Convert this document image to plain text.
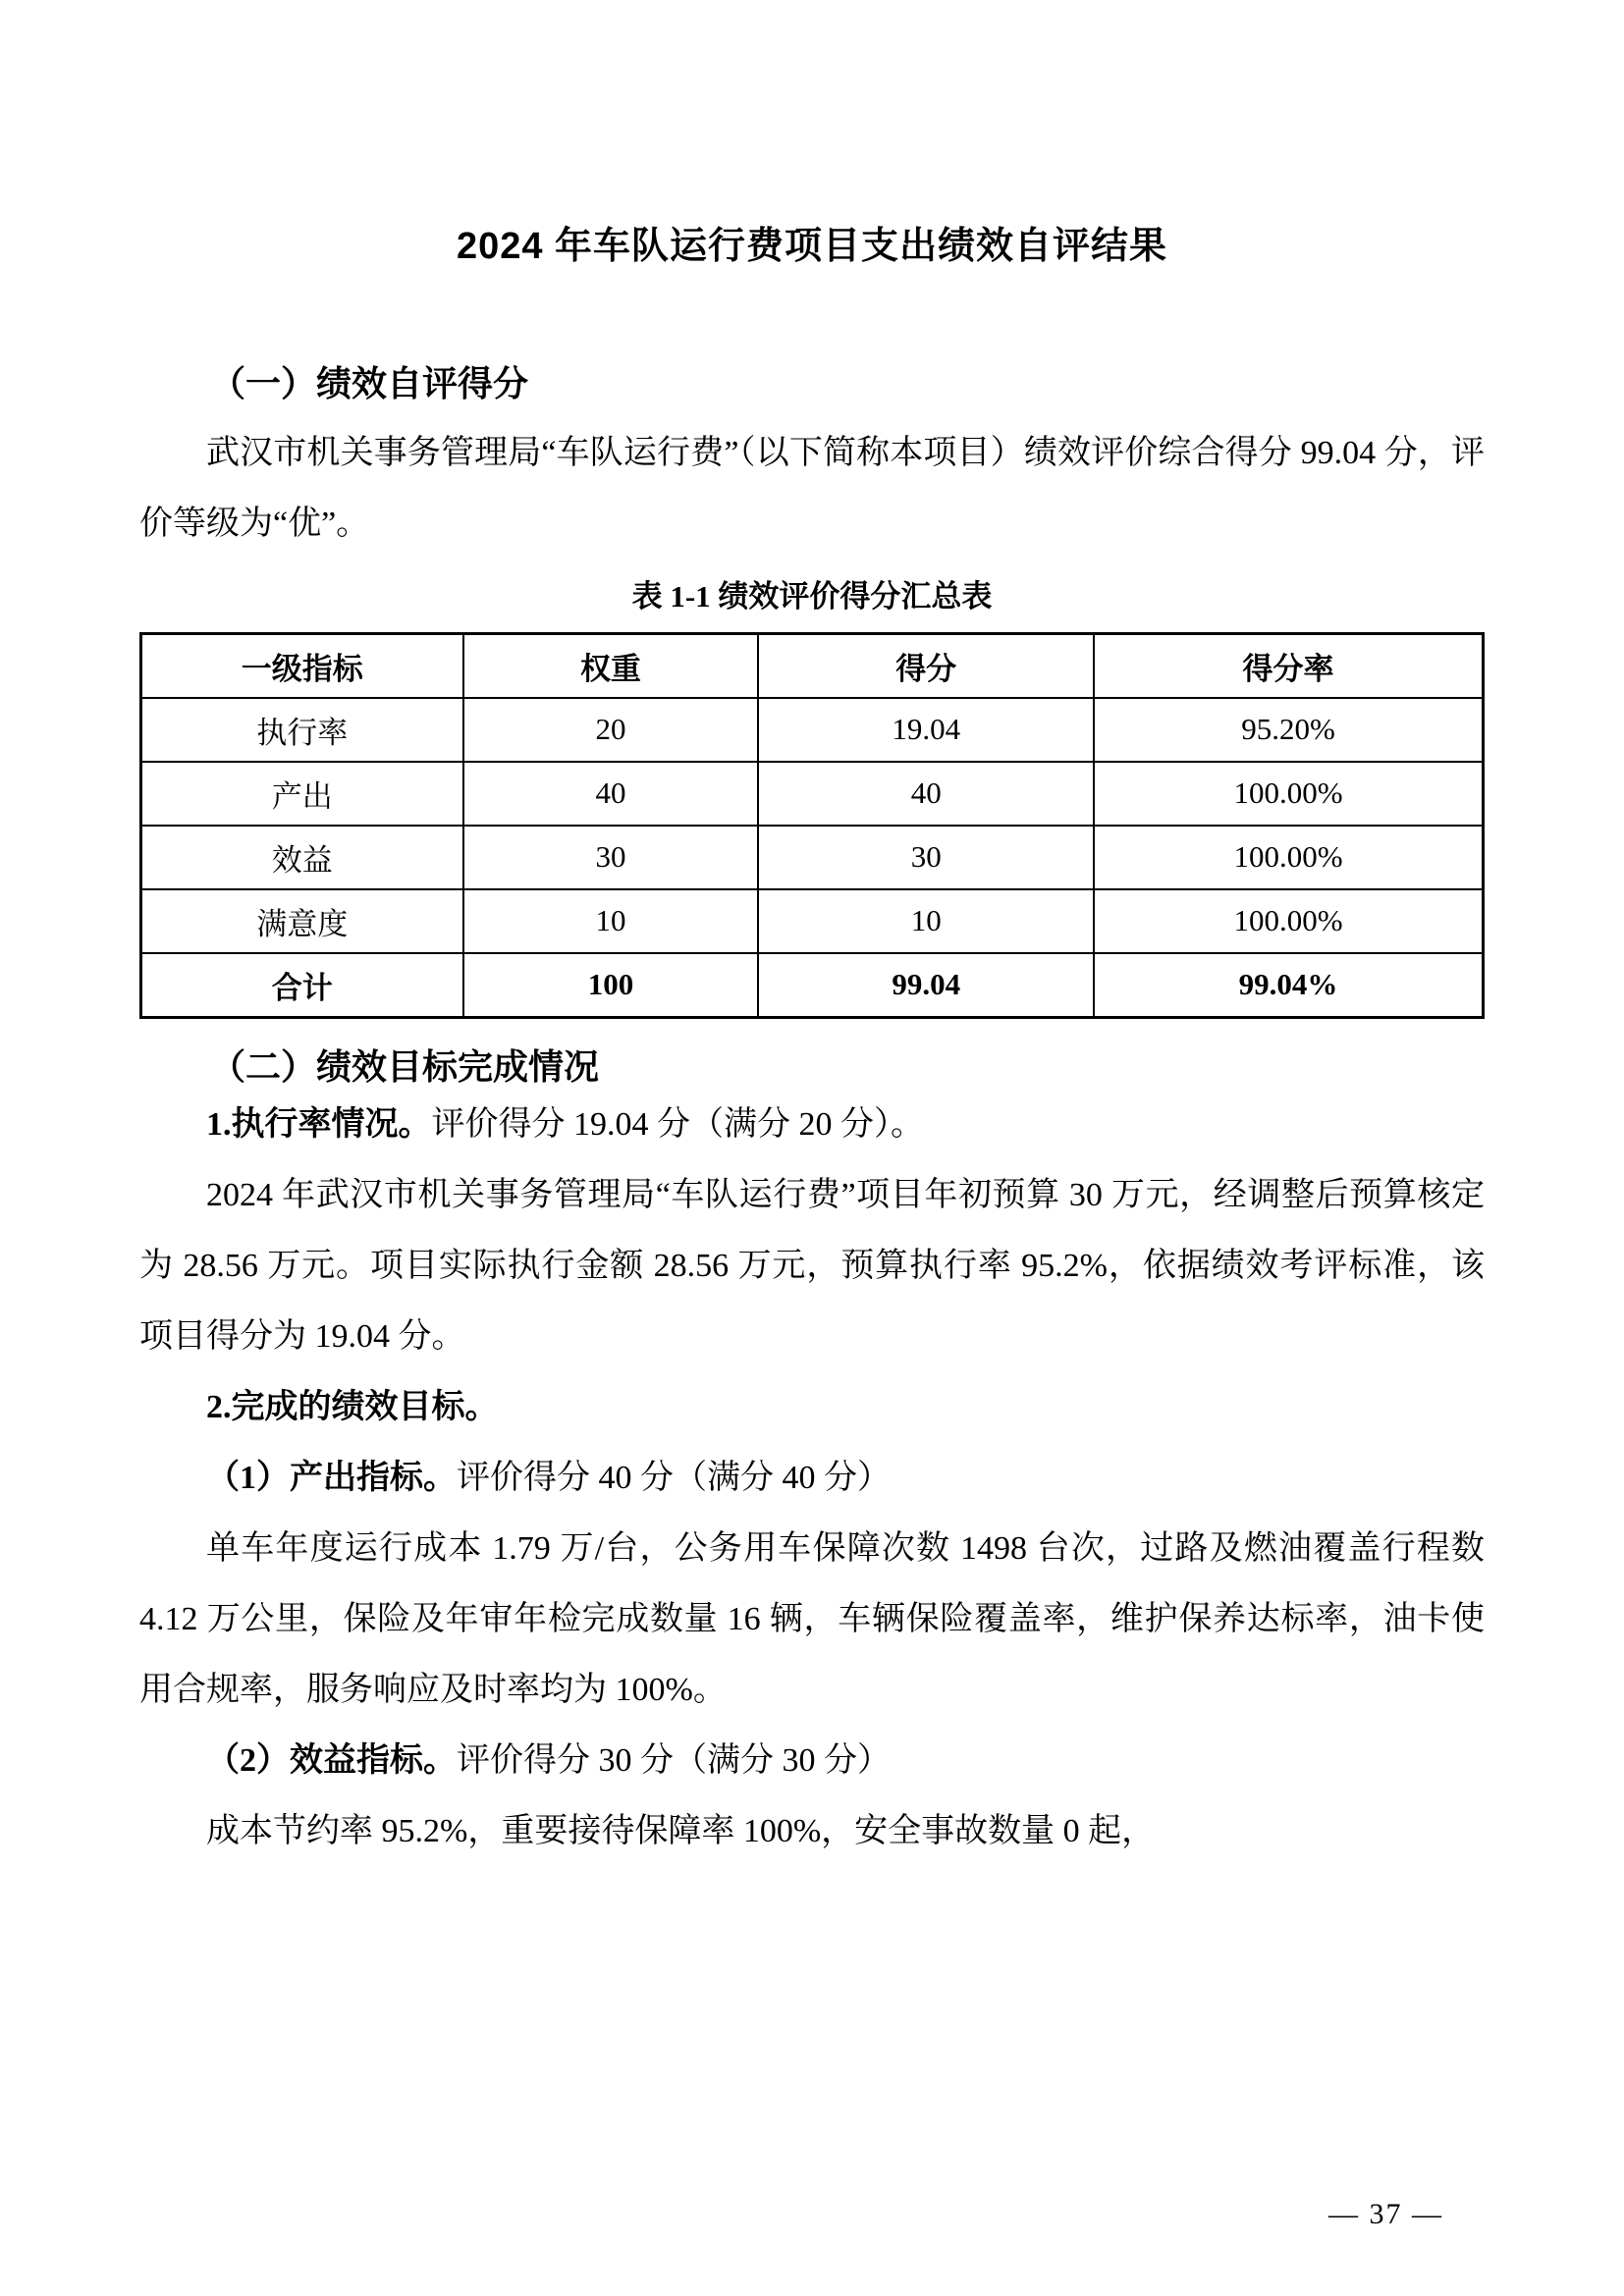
2024 年车队运行费项目支出绩效自评结果
（一）绩效自评得分

武汉市机关事务管理局“车队运行费”（以下简称本项目）绩效评价综合得分 99.04 分，评价等级为“优”。

表 1-1 绩效评价得分汇总表
一级指标	权重	得分	得分率
执行率	20	19.04	95.20%
产出	40	40	100.00%
效益	30	30	100.00%
满意度	10	10	100.00%
合计	100	99.04	99.04%
（二）绩效目标完成情况

1.执行率情况。评价得分 19.04 分（满分 20 分）。

2024 年武汉市机关事务管理局“车队运行费”项目年初预算 30 万元，经调整后预算核定为 28.56 万元。项目实际执行金额 28.56 万元，预算执行率 95.2%，依据绩效考评标准，该项目得分为 19.04 分。

2.完成的绩效目标。

（1）产出指标。评价得分 40 分（满分 40 分）

单车年度运行成本 1.79 万/台，公务用车保障次数 1498 台次，过路及燃油覆盖行程数 4.12 万公里，保险及年审年检完成数量 16 辆，车辆保险覆盖率，维护保养达标率，油卡使用合规率，服务响应及时率均为 100%。

（2）效益指标。评价得分 30 分（满分 30 分）

成本节约率 95.2%，重要接待保障率 100%，安全事故数量 0 起，

— 37 —
